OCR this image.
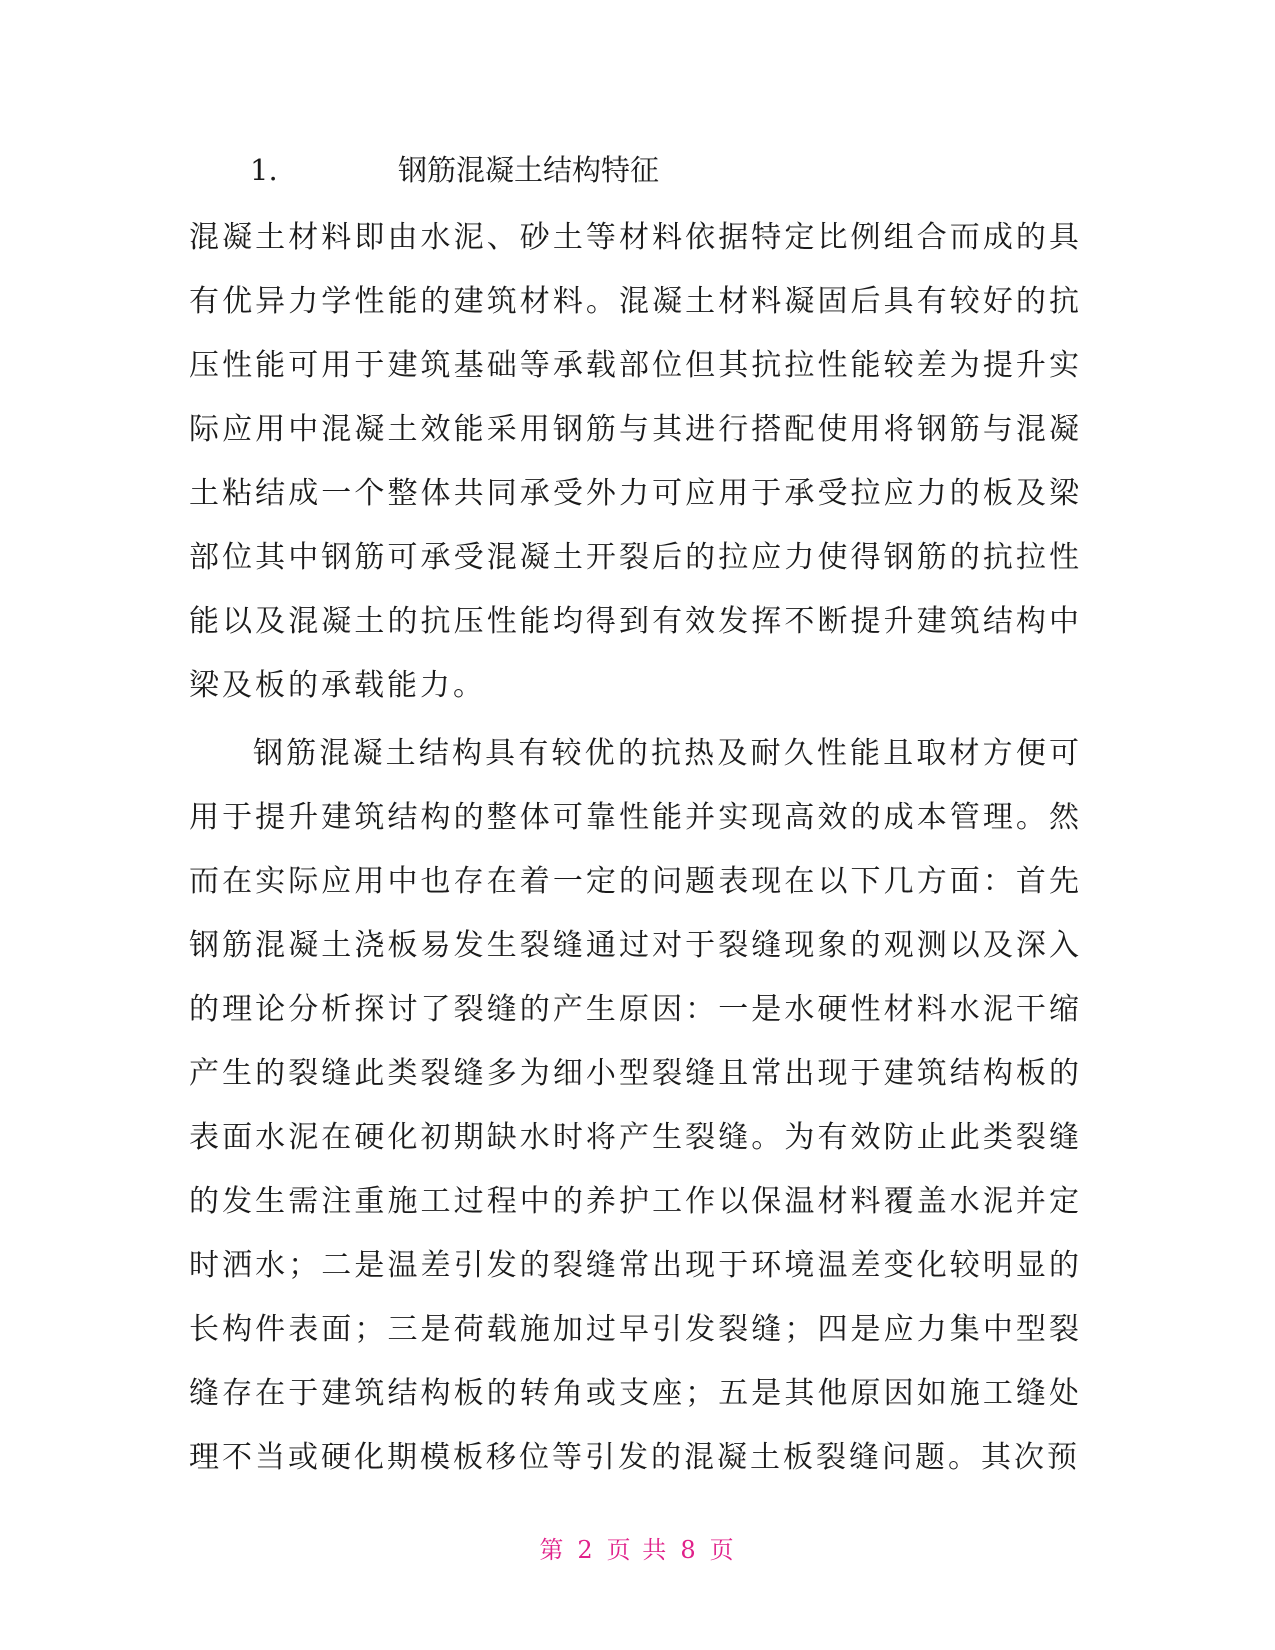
1.	钢筋混凝土结构特征

混凝土材料即由水泥、砂土等材料依据特定比例组合而成的具有优异力学性能的建筑材料。混凝土材料凝固后具有较好的抗压性能可用于建筑基础等承载部位但其抗拉性能较差为提升实际应用中混凝土效能采用钢筋与其进行搭配使用将钢筋与混凝土粘结成一个整体共同承受外力可应用于承受拉应力的板及梁部位其中钢筋可承受混凝土开裂后的拉应力使得钢筋的抗拉性能以及混凝土的抗压性能均得到有效发挥不断提升建筑结构中梁及板的承载能力。

钢筋混凝土结构具有较优的抗热及耐久性能且取材方便可用于提升建筑结构的整体可靠性能并实现高效的成本管理。然而在实际应用中也存在着一定的问题表现在以下几方面：首先钢筋混凝土浇板易发生裂缝通过对于裂缝现象的观测以及深入的理论分析探讨了裂缝的产生原因：一是水硬性材料水泥干缩产生的裂缝此类裂缝多为细小型裂缝且常出现于建筑结构板的表面水泥在硬化初期缺水时将产生裂缝。为有效防止此类裂缝的发生需注重施工过程中的养护工作以保温材料覆盖水泥并定时洒水；二是温差引发的裂缝常出现于环境温差变化较明显的长构件表面；三是荷载施加过早引发裂缝；四是应力集中型裂缝存在于建筑结构板的转角或支座；五是其他原因如施工缝处理不当或硬化期模板移位等引发的混凝土板裂缝问题。其次预

第 2 页 共 8 页
